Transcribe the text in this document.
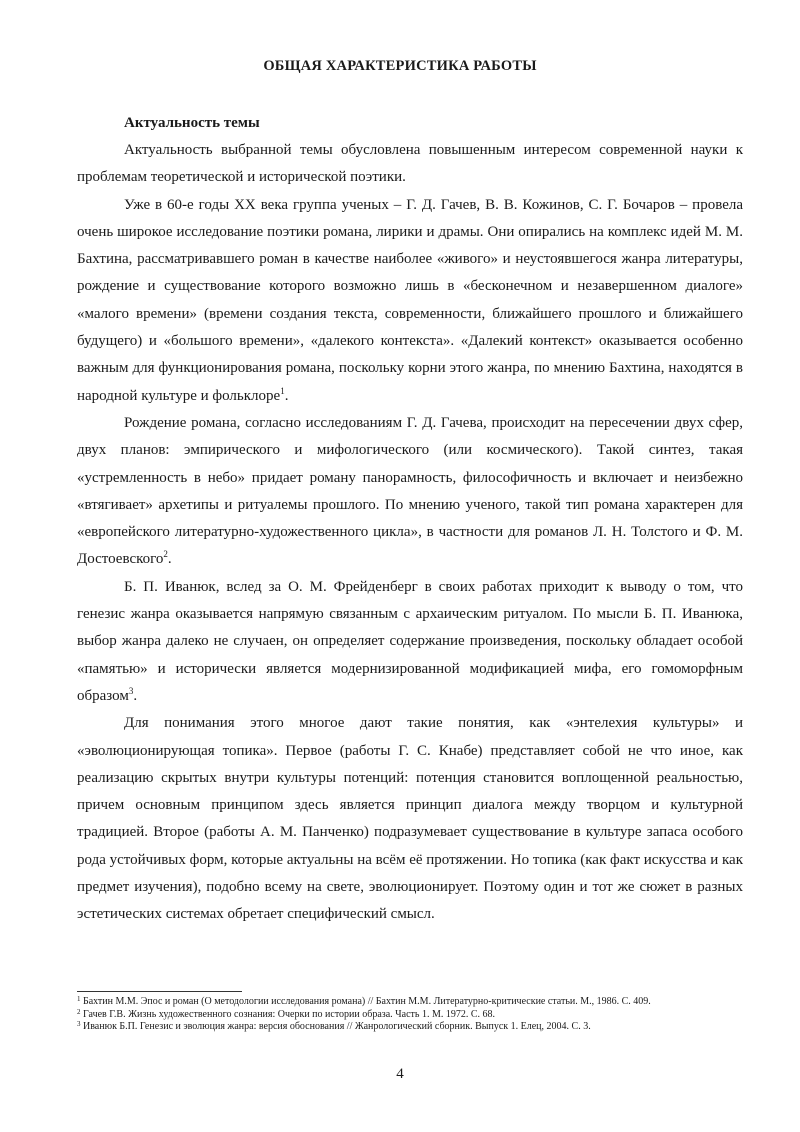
ОБЩАЯ ХАРАКТЕРИСТИКА РАБОТЫ

Актуальность темы

Актуальность выбранной темы обусловлена повышенным интересом современной науки к проблемам теоретической и исторической поэтики.

Уже в 60-е годы XX века группа ученых – Г. Д. Гачев, В. В. Кожинов, С. Г. Бочаров – провела очень широкое исследование поэтики романа, лирики и драмы. Они опирались на комплекс идей М. М. Бахтина, рассматривавшего роман в качестве наиболее «живого» и неустоявшегося жанра литературы, рождение и существование которого возможно лишь в «бесконечном и незавершенном диалоге» «малого времени» (времени создания текста, современности, ближайшего прошлого и ближайшего будущего) и «большого времени», «далекого контекста». «Далекий контекст» оказывается особенно важным для функционирования романа, поскольку корни этого жанра, по мнению Бахтина, находятся в народной культуре и фольклоре$^1$.

Рождение романа, согласно исследованиям Г. Д. Гачева, происходит на пересечении двух сфер, двух планов: эмпирического и мифологического (или космического). Такой синтез, такая «устремленность в небо» придает роману панорамность, философичность и включает и неизбежно «втягивает» архетипы и ритуалемы прошлого. По мнению ученого, такой тип романа характерен для «европейского литературно-художественного цикла», в частности для романов Л. Н. Толстого и Ф. М. Достоевского$^2$.

Б. П. Иванюк, вслед за О. М. Фрейденберг в своих работах приходит к выводу о том, что генезис жанра оказывается напрямую связанным с архаическим ритуалом. По мысли Б. П. Иванюка, выбор жанра далеко не случаен, он определяет содержание произведения, поскольку обладает особой «памятью» и исторически является модернизированной модификацией мифа, его гомоморфным образом$^3$.

Для понимания этого многое дают такие понятия, как «энтелехия культуры» и «эволюционирующая топика». Первое (работы Г. С. Кнабе) представляет собой не что иное, как реализацию скрытых внутри культуры потенций: потенция становится воплощенной реальностью, причем основным принципом здесь является принцип диалога между творцом и культурной традицией. Второе (работы А. М. Панченко) подразумевает существование в культуре запаса особого рода устойчивых форм, которые актуальны на всём её протяжении. Но топика (как факт искусства и как предмет изучения), подобно всему на свете, эволюционирует. Поэтому один и тот же сюжет в разных эстетических системах обретает специфический смысл.

$^1$ Бахтин М.М. Эпос и роман (О методологии исследования романа) // Бахтин М.М. Литературно-критические статьи. М., 1986. С. 409.

$^2$ Гачев Г.В. Жизнь художественного сознания: Очерки по истории образа. Часть 1. М. 1972. С. 68.

$^3$ Иванюк Б.П. Генезис и эволюция жанра: версия обоснования // Жанрологический сборник. Выпуск 1. Елец, 2004. С. 3.

4
